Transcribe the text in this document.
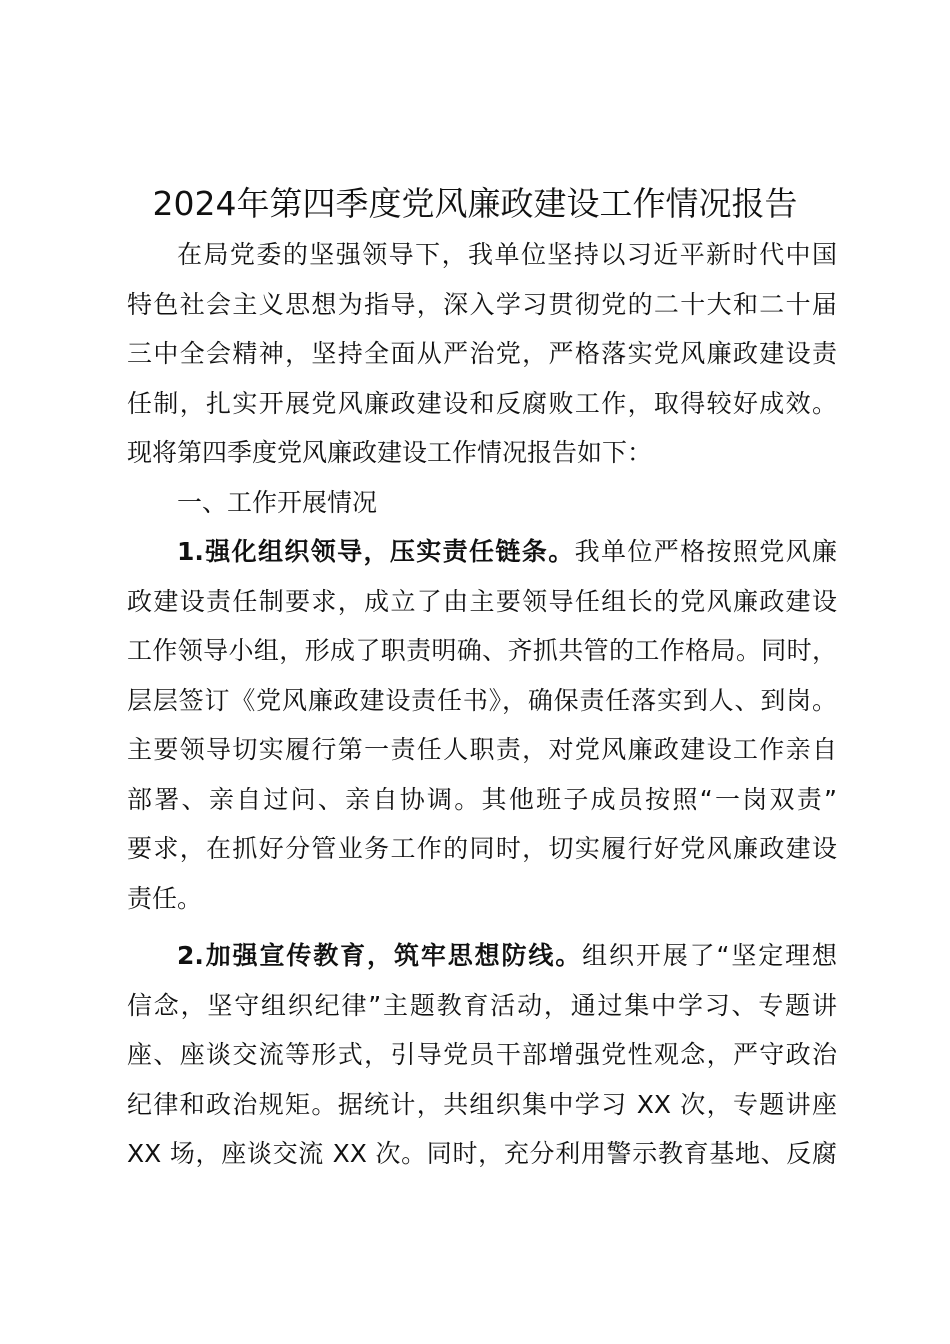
2024年第四季度党风廉政建设工作情况报告
在局党委的坚强领导下，我单位坚持以习近平新时代中国
特色社会主义思想为指导，深入学习贯彻党的二十大和二十届
三中全会精神，坚持全面从严治党，严格落实党风廉政建设责
任制，扎实开展党风廉政建设和反腐败工作，取得较好成效。
现将第四季度党风廉政建设工作情况报告如下：
一、工作开展情况
1.强化组织领导，压实责任链条。我单位严格按照党风廉
政建设责任制要求，成立了由主要领导任组长的党风廉政建设
工作领导小组，形成了职责明确、齐抓共管的工作格局。同时，
层层签订《党风廉政建设责任书》，确保责任落实到人、到岗。
主要领导切实履行第一责任人职责，对党风廉政建设工作亲自
部署、亲自过问、亲自协调。其他班子成员按照“一岗双责”
要求，在抓好分管业务工作的同时，切实履行好党风廉政建设
责任。
2.加强宣传教育，筑牢思想防线。组织开展了“坚定理想
信念，坚守组织纪律”主题教育活动，通过集中学习、专题讲
座、座谈交流等形式，引导党员干部增强党性观念，严守政治
纪律和政治规矩。据统计，共组织集中学习 XX 次，专题讲座
XX 场，座谈交流 XX 次。同时，充分利用警示教育基地、反腐
